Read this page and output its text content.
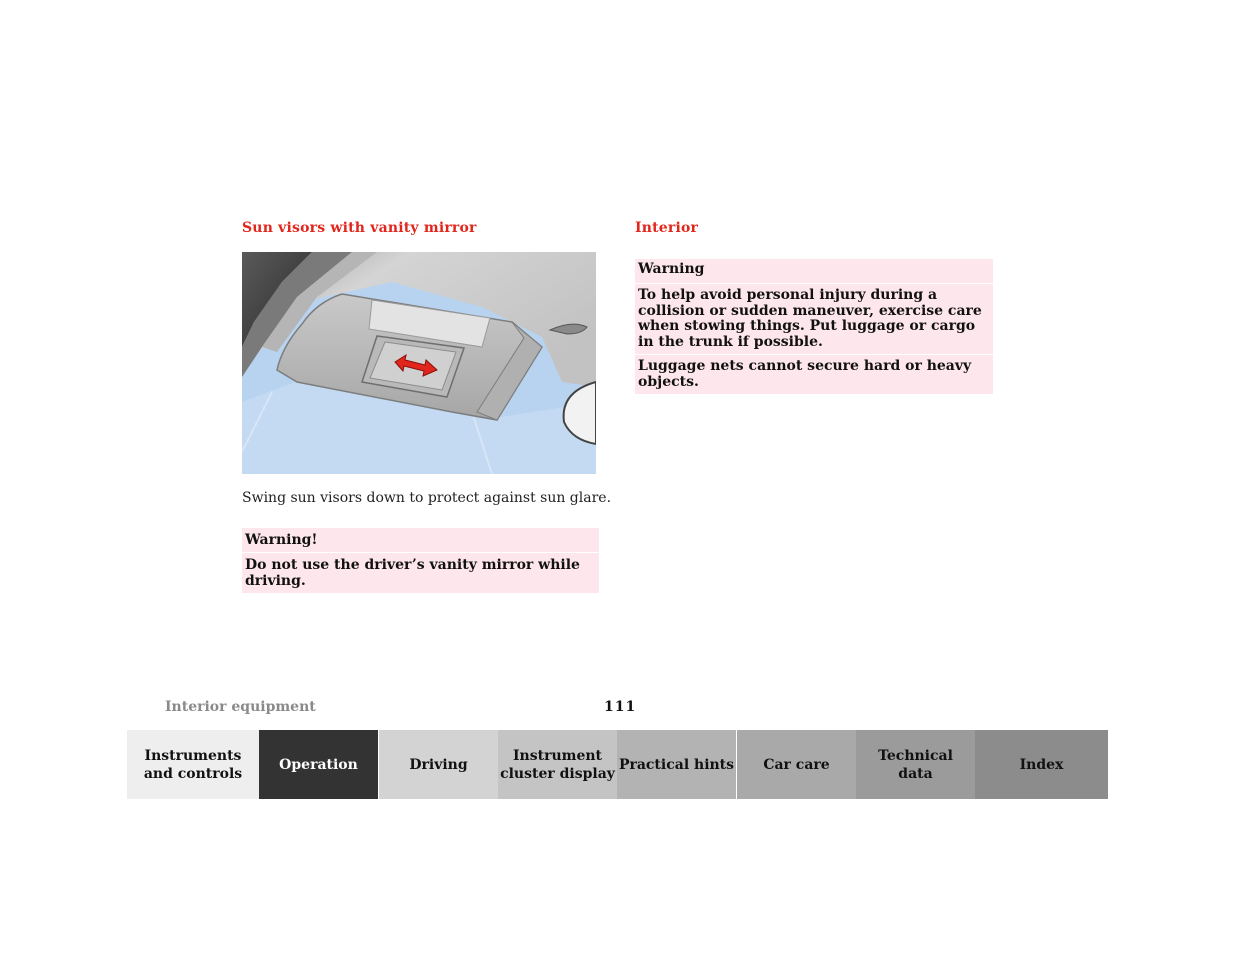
Sun visors with vanity mirror	Interior
Swing sun visors down to protect against sun glare.
Warning!
Do not use the driver’s vanity mirror while driving.
Warning
To help avoid personal injury during a collision or sudden maneuver, exercise care when stowing things. Put luggage or cargo in the trunk if possible.
Luggage nets cannot secure hard or heavy objects.
Interior equipment	111
Instruments
and controls
Operation	Driving
Instrument
cluster display
Practical hints	Car care
Technical
data
Index
